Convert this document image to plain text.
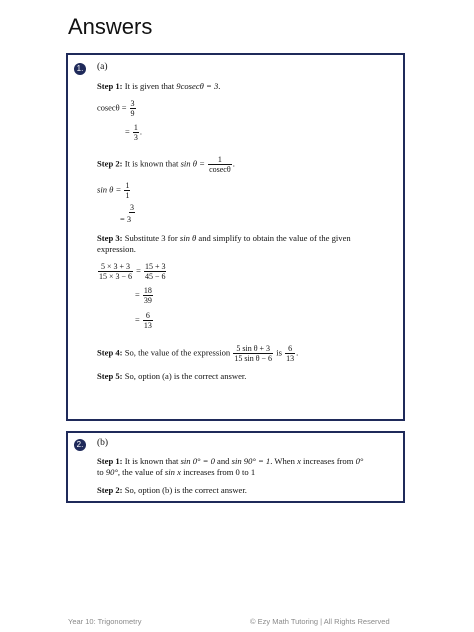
Answers
1. (a)
Step 1: It is given that 9cosecθ = 3.
$cosec\theta = \frac{3}{9}$
= $\frac{1}{3}$ .
Step 2: It is known that $\sin \theta = \frac{1}{cosec\theta}$ .
$\sin \theta = \frac{1}{1}$
3
= 3
Step 3: Substitute 3 for sin θ and simplify to obtain the value of the given
expression.
$\frac{5 \times 3 + 3}{15 \times 3 - 6} = \frac{15 + 3}{45 - 6}$
= $\frac{18}{39}$
= $\frac{6}{13}$
Step 4: So, the value of the expression $\frac{\text{5 sin θ + 3}}{\text{15 sin θ − 6}}$ is $\frac{6}{13}$ .
Step 5: So, option (a) is the correct answer.
2. (b)
Step 1: It is known that sin 0° = 0 and sin 90° = 1. When x increases from 0°
to 90°, the value of sin x increases from 0 to 1
Step 2: So, option (b) is the correct answer.
Year 10: Trigonometry	© Ezy Math Tutoring | All Rights Reserved
